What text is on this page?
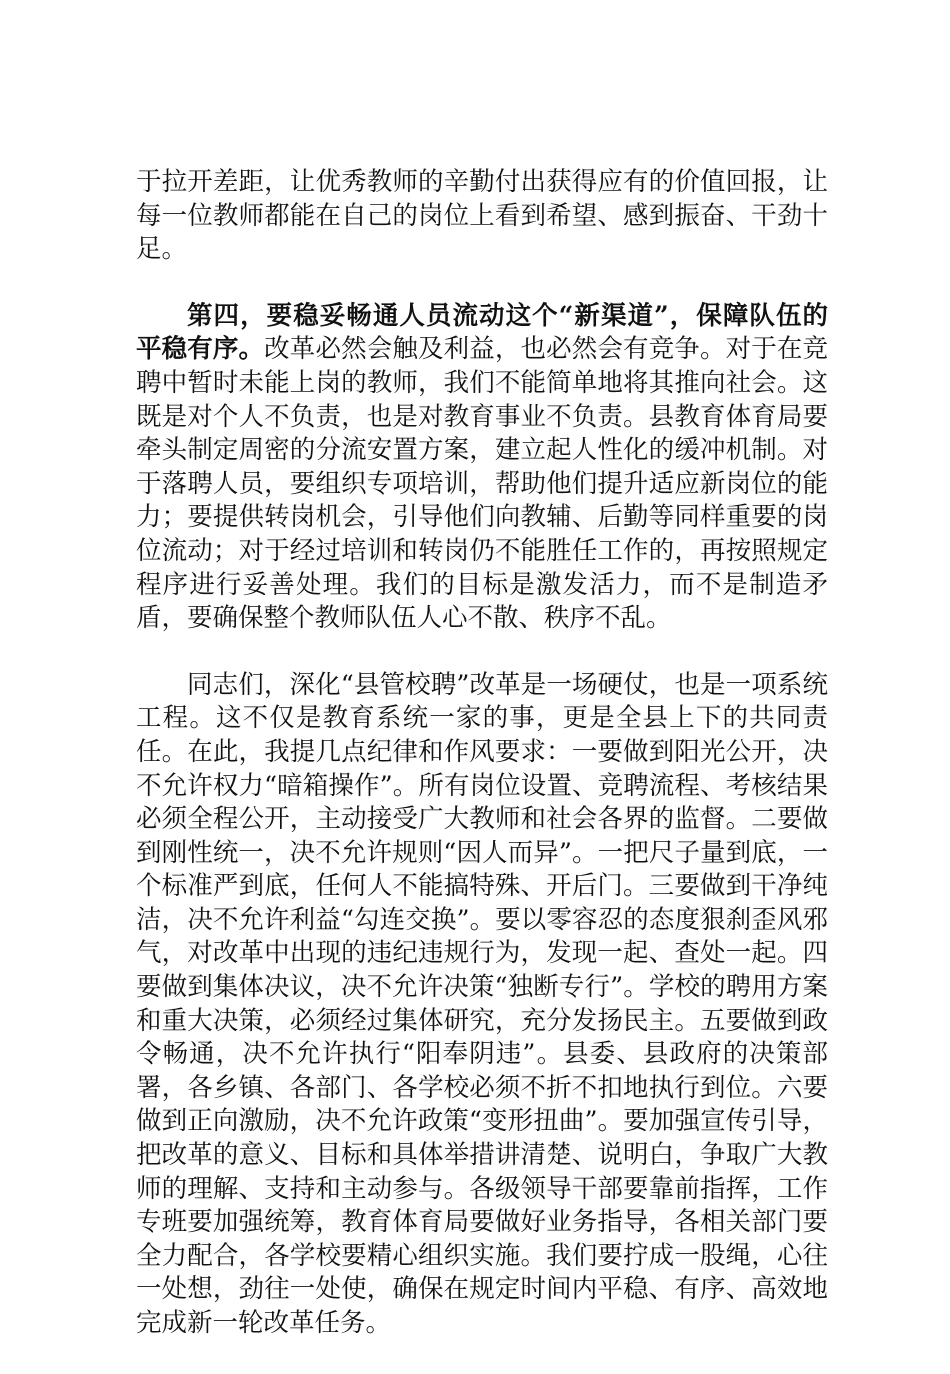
于拉开差距，让优秀教师的辛勤付出获得应有的价值回报，让每一位教师都能在自己的岗位上看到希望、感到振奋、干劲十足。

第四，要稳妥畅通人员流动这个“新渠道”，保障队伍的平稳有序。改革必然会触及利益，也必然会有竞争。对于在竞聘中暂时未能上岗的教师，我们不能简单地将其推向社会。这既是对个人不负责，也是对教育事业不负责。县教育体育局要牵头制定周密的分流安置方案，建立起人性化的缓冲机制。对于落聘人员，要组织专项培训，帮助他们提升适应新岗位的能力；要提供转岗机会，引导他们向教辅、后勤等同样重要的岗位流动；对于经过培训和转岗仍不能胜任工作的，再按照规定程序进行妥善处理。我们的目标是激发活力，而不是制造矛盾，要确保整个教师队伍人心不散、秩序不乱。

同志们，深化“县管校聘”改革是一场硬仗，也是一项系统工程。这不仅是教育系统一家的事，更是全县上下的共同责任。在此，我提几点纪律和作风要求：一要做到阳光公开，决不允许权力“暗箱操作”。所有岗位设置、竞聘流程、考核结果必须全程公开，主动接受广大教师和社会各界的监督。二要做到刚性统一，决不允许规则“因人而异”。一把尺子量到底，一个标准严到底，任何人不能搞特殊、开后门。三要做到干净纯洁，决不允许利益“勾连交换”。要以零容忍的态度狠刹歪风邪气，对改革中出现的违纪违规行为，发现一起、查处一起。四要做到集体决议，决不允许决策“独断专行”。学校的聘用方案和重大决策，必须经过集体研究，充分发扬民主。五要做到政令畅通，决不允许执行“阳奉阴违”。县委、县政府的决策部署，各乡镇、各部门、各学校必须不折不扣地执行到位。六要做到正向激励，决不允许政策“变形扭曲”。要加强宣传引导，把改革的意义、目标和具体举措讲清楚、说明白，争取广大教师的理解、支持和主动参与。各级领导干部要靠前指挥，工作专班要加强统筹，教育体育局要做好业务指导，各相关部门要全力配合，各学校要精心组织实施。我们要拧成一股绳，心往一处想，劲往一处使，确保在规定时间内平稳、有序、高效地完成新一轮改革任务。
